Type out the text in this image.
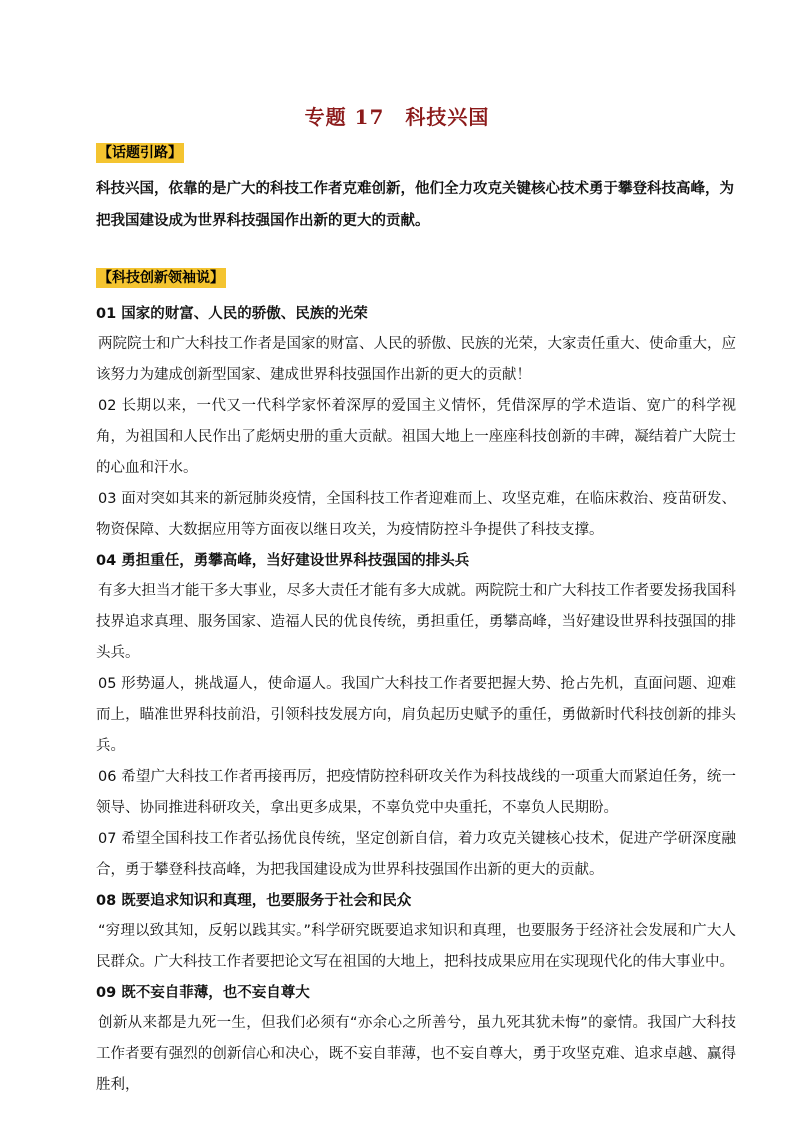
专题 17　科技兴国
【话题引路】

科技兴国，依靠的是广大的科技工作者克难创新，他们全力攻克关键核心技术勇于攀登科技高峰，为把我国建设成为世界科技强国作出新的更大的贡献。

【科技创新领袖说】

01 国家的财富、人民的骄傲、民族的光荣

两院院士和广大科技工作者是国家的财富、人民的骄傲、民族的光荣，大家责任重大、使命重大，应该努力为建成创新型国家、建成世界科技强国作出新的更大的贡献！

02 长期以来，一代又一代科学家怀着深厚的爱国主义情怀，凭借深厚的学术造诣、宽广的科学视角，为祖国和人民作出了彪炳史册的重大贡献。祖国大地上一座座科技创新的丰碑，凝结着广大院士的心血和汗水。

03 面对突如其来的新冠肺炎疫情，全国科技工作者迎难而上、攻坚克难，在临床救治、疫苗研发、物资保障、大数据应用等方面夜以继日攻关，为疫情防控斗争提供了科技支撑。

04 勇担重任，勇攀高峰，当好建设世界科技强国的排头兵

有多大担当才能干多大事业，尽多大责任才能有多大成就。两院院士和广大科技工作者要发扬我国科技界追求真理、服务国家、造福人民的优良传统，勇担重任，勇攀高峰，当好建设世界科技强国的排头兵。

05 形势逼人，挑战逼人，使命逼人。我国广大科技工作者要把握大势、抢占先机，直面问题、迎难而上，瞄准世界科技前沿，引领科技发展方向，肩负起历史赋予的重任，勇做新时代科技创新的排头兵。

06 希望广大科技工作者再接再厉，把疫情防控科研攻关作为科技战线的一项重大而紧迫任务，统一领导、协同推进科研攻关，拿出更多成果，不辜负党中央重托，不辜负人民期盼。

07 希望全国科技工作者弘扬优良传统，坚定创新自信，着力攻克关键核心技术，促进产学研深度融合，勇于攀登科技高峰，为把我国建设成为世界科技强国作出新的更大的贡献。

08 既要追求知识和真理，也要服务于社会和民众

“穷理以致其知，反躬以践其实。”科学研究既要追求知识和真理，也要服务于经济社会发展和广大人民群众。广大科技工作者要把论文写在祖国的大地上，把科技成果应用在实现现代化的伟大事业中。

09 既不妄自菲薄，也不妄自尊大

创新从来都是九死一生，但我们必须有“亦余心之所善兮，虽九死其犹未悔”的豪情。我国广大科技工作者要有强烈的创新信心和决心，既不妄自菲薄，也不妄自尊大，勇于攻坚克难、追求卓越、赢得胜利，
